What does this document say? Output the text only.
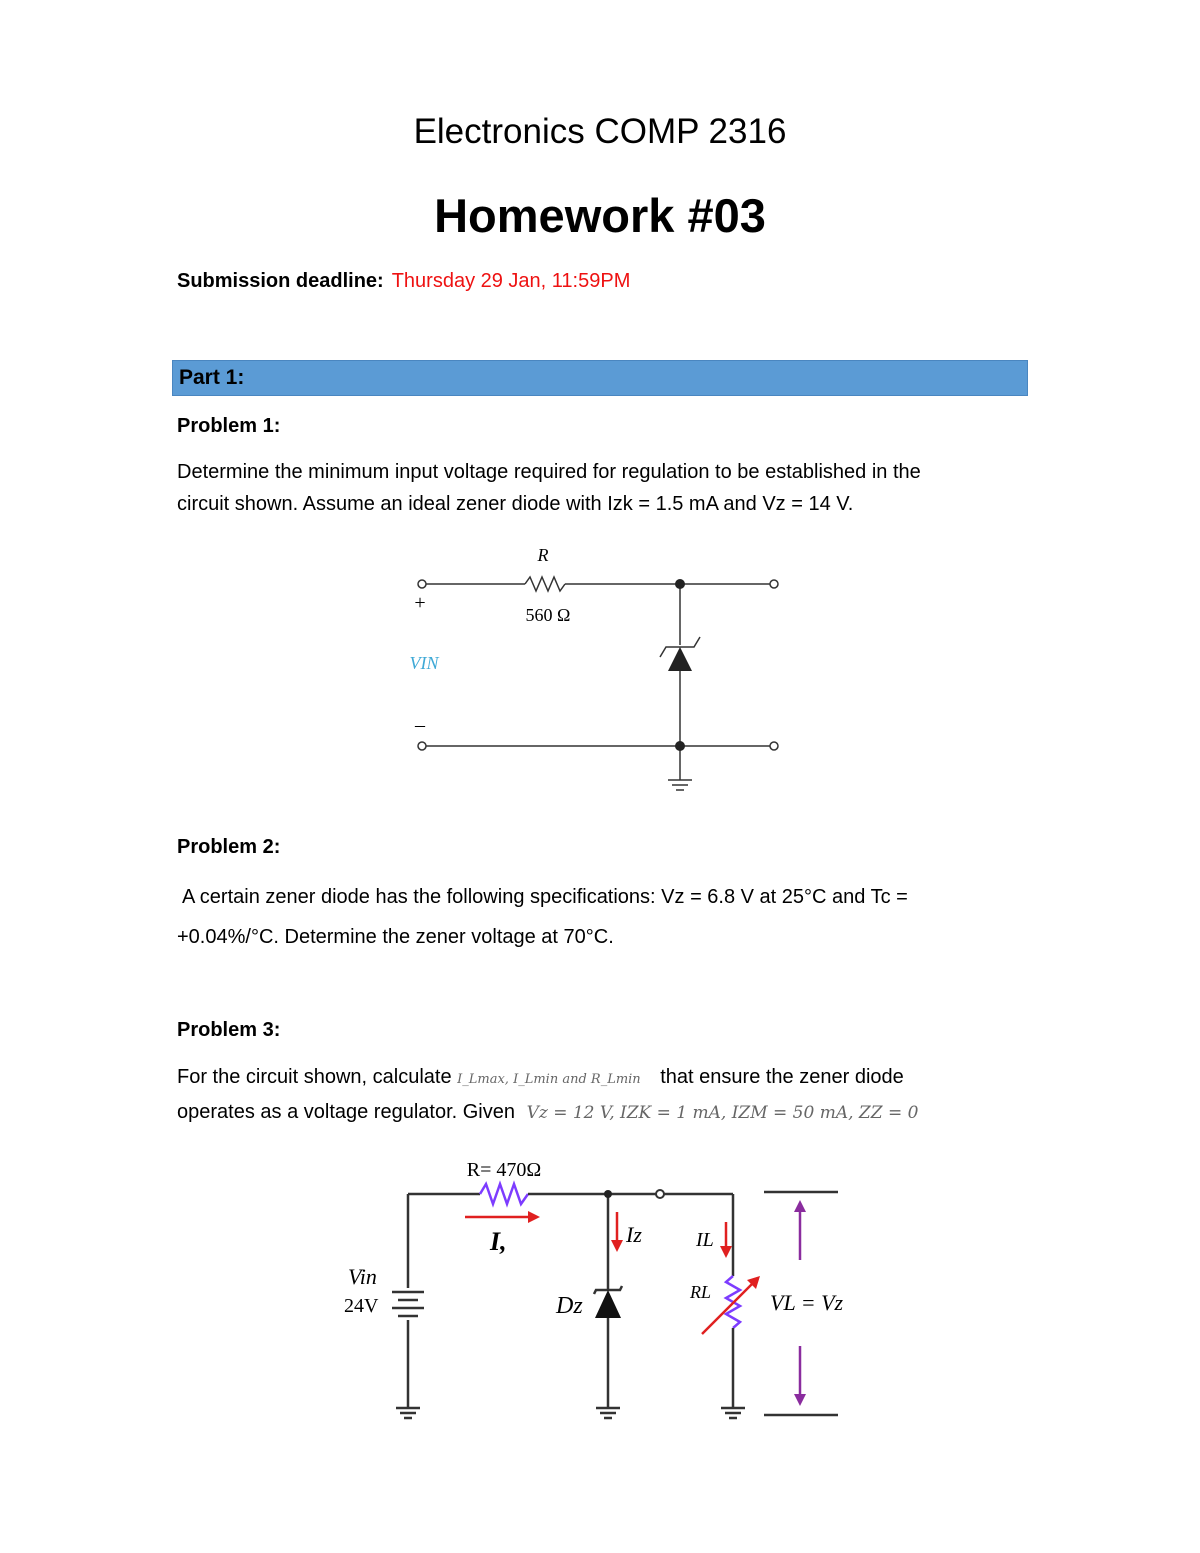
Electronics COMP 2316
Homework #03
Submission deadline: Thursday 29 Jan, 11:59PM
Part 1:
Problem 1:
Determine the minimum input voltage required for regulation to be established in the
circuit shown. Assume an ideal zener diode with Izk = 1.5 mA and Vz = 14 V.
R
560 Ω
+
–
VIN
Problem 2:
A certain zener diode has the following specifications: Vz = 6.8 V at 25°C and Tc =
+0.04%/°C. Determine the zener voltage at 70°C.
Problem 3:
For the circuit shown, calculate I_Lmax, I_Lmin and R_Lmin that ensure the zener diode
operates as a voltage regulator. Given Vz = 12 V, IZK = 1 mA, IZM = 50 mA, ZZ = 0
R= 470Ω
I,	Iz	IL
Vin
24V	Dz
RL	VL = Vz
